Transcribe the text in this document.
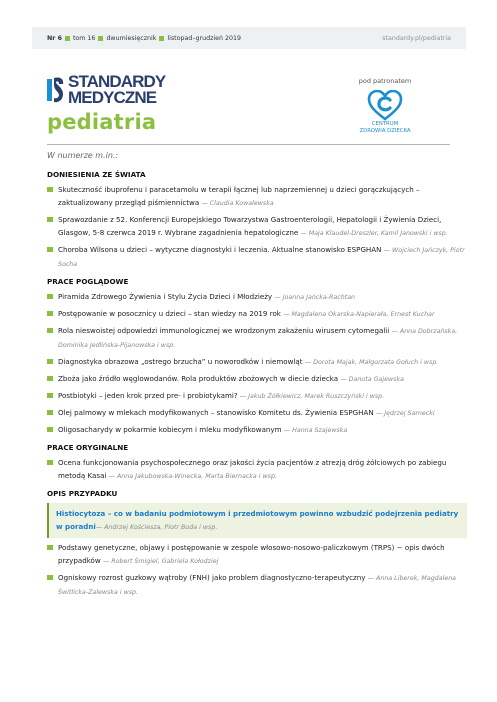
Nr 6 tom 16 dwumiesięcznik listopad–grudzień 2019	standardy.pl/pediatria
STANDARDY
MEDYCZNE
pediatria
pod patronatem
CENTRUM
ZDROWIA DZIECKA
W numerze m.in.:
DONIESIENIA ZE ŚWIATA
Skuteczność ibuprofenu i paracetamolu w terapii łącznej lub naprzemiennej u dzieci gorączkujących – zaktualizowany przegląd piśmiennictwa — Claudia Kowalewska
Sprawozdanie z 52. Konferencji Europejskiego Towarzystwa Gastroenterologii, Hepatologii i Żywienia Dzieci, Glasgow, 5-8 czerwca 2019 r. Wybrane zagadnienia hepatologiczne — Maja Klaudel-Dreszler, Kamil Janowski i wsp.
Choroba Wilsona u dzieci – wytyczne diagnostyki i leczenia. Aktualne stanowisko ESPGHAN — Wojciech Jańczyk, Piotr Socha
PRACE POGLĄDOWE
Piramida Zdrowego Żywienia i Stylu Życia Dzieci i Młodzieży — Joanna Jańcka-Rachtan
Postępowanie w posocznicy u dzieci – stan wiedzy na 2019 rok — Magdalena Okarska-Napierała, Ernest Kuchar
Rola nieswoistej odpowiedzi immunologicznej we wrodzonym zakażeniu wirusem cytomegalii — Anna Dobrzańska, Dominika Jedlińska-Pijanowska i wsp.
Diagnostyka obrazowa „ostrego brzucha” u noworodków i niemowląt — Dorota Majak, Małgorzata Gołuch i wsp.
Zboża jako źródło węglowodanów. Rola produktów zbożowych w diecie dziecka — Danuta Gajewska
Postbiotyki – jeden krok przed pre- i probiotykami? — Jakub Żółkiewicz, Marek Ruszczyński i wsp.
Olej palmowy w mlekach modyfikowanych – stanowisko Komitetu ds. Żywienia ESPGHAN — Jędrzej Sarnecki
Oligosacharydy w pokarmie kobiecym i mleku modyfikowanym — Hanna Szajewska
PRACE ORYGINALNE
Ocena funkcjonowania psychospołecznego oraz jakości życia pacjentów z atrezją dróg żółciowych po zabiegu metodą Kasai — Anna Jakubowska-Winecka, Marta Biernacka i wsp.
OPIS PRZYPADKU
Histiocytoza – co w badaniu podmiotowym i przedmiotowym powinno wzbudzić podejrzenia pediatry w poradni— Andrzej Kościesza, Piotr Buda i wsp.
Podstawy genetyczne, objawy i postępowanie w zespole włosowo-nosowo-paliczkowym (TRPS) − opis dwóch przypadków — Robert Śmigiel, Gabriela Kołodziej
Ogniskowy rozrost guzkowy wątroby (FNH) jako problem diagnostyczno-terapeutyczny — Anna Liberek, Magdalena Świtlicka-Zalewska i wsp.
